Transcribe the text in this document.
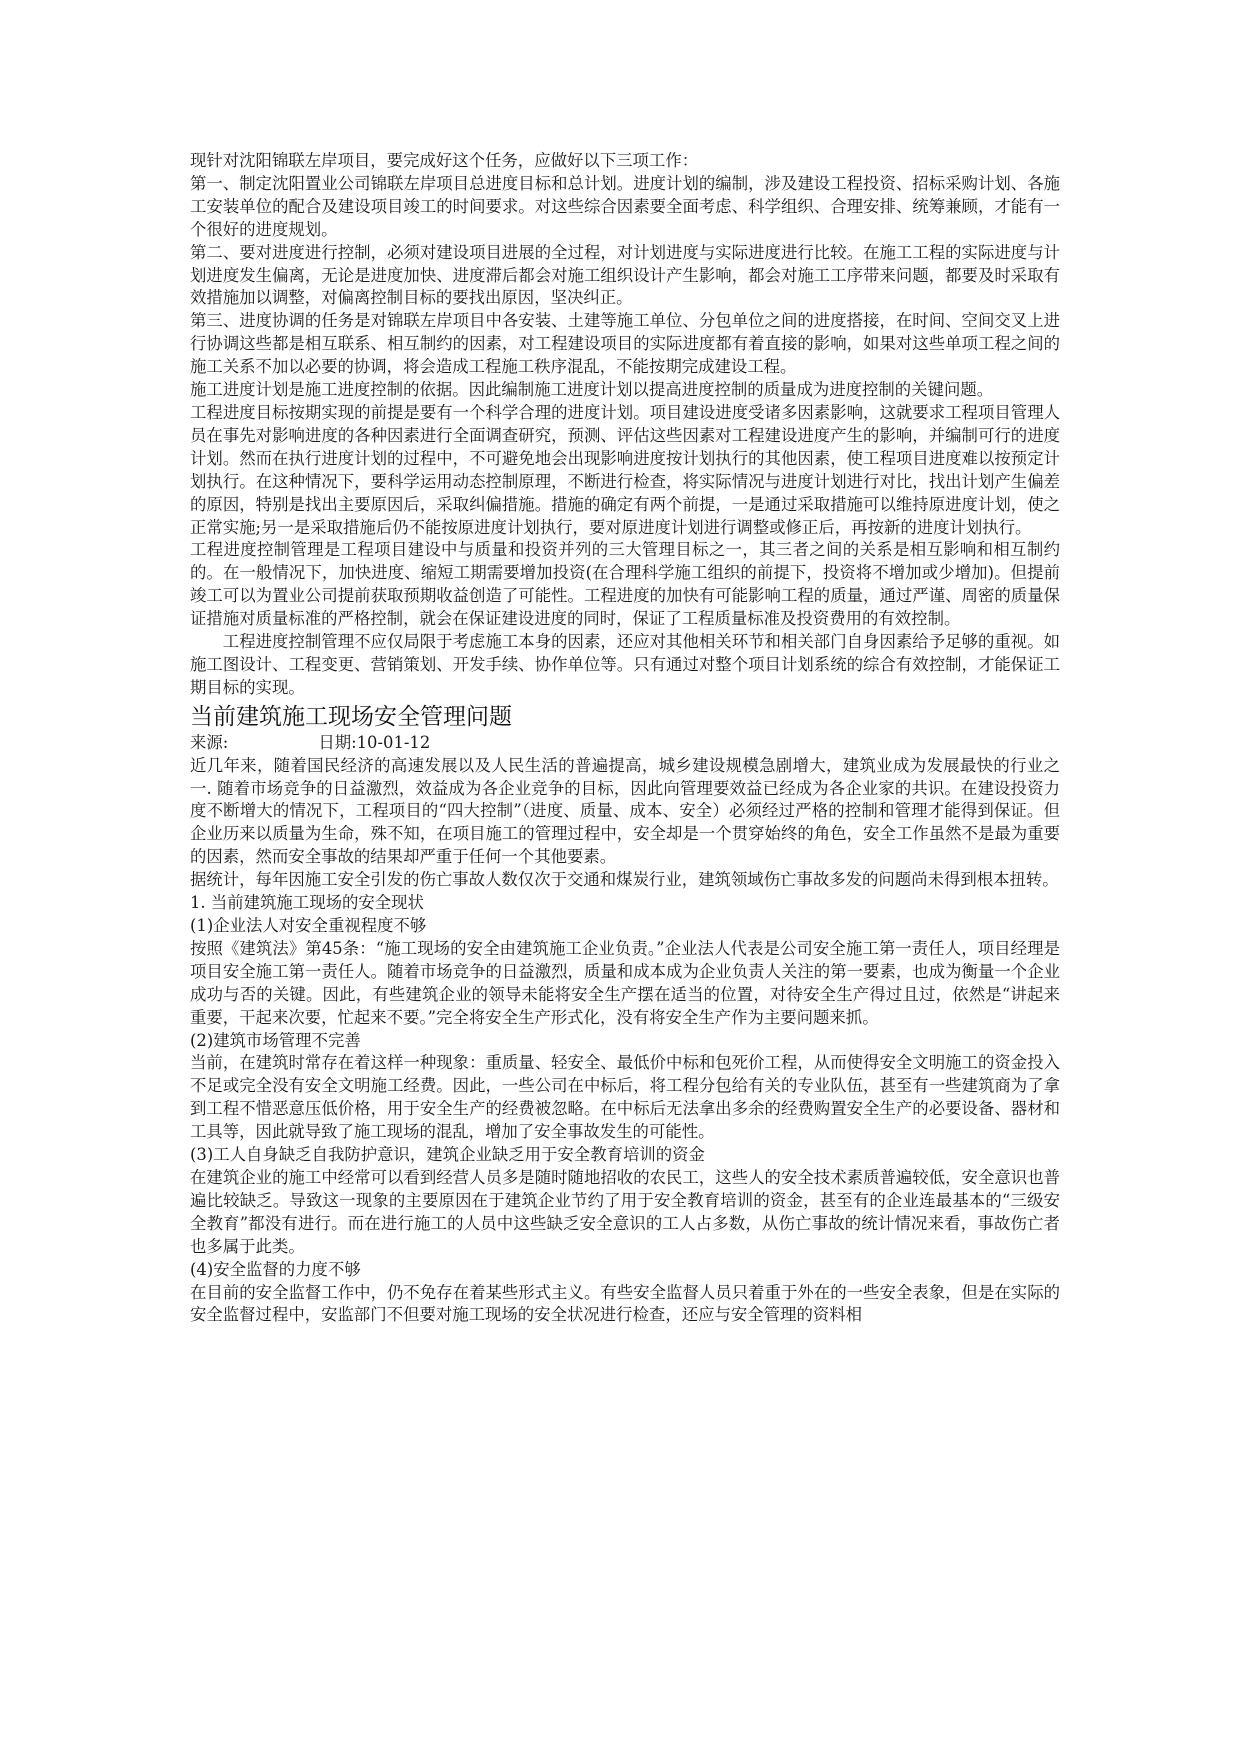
现针对沈阳锦联左岸项目，要完成好这个任务，应做好以下三项工作：

第一、制定沈阳置业公司锦联左岸项目总进度目标和总计划。进度计划的编制，涉及建设工程投资、招标采购计划、各施工安装单位的配合及建设项目竣工的时间要求。对这些综合因素要全面考虑、科学组织、合理安排、统筹兼顾，才能有一个很好的进度规划。

第二、要对进度进行控制，必须对建设项目进展的全过程，对计划进度与实际进度进行比较。在施工工程的实际进度与计划进度发生偏离，无论是进度加快、进度滞后都会对施工组织设计产生影响，都会对施工工序带来问题，都要及时采取有效措施加以调整，对偏离控制目标的要找出原因，坚决纠正。

第三、进度协调的任务是对锦联左岸项目中各安装、土建等施工单位、分包单位之间的进度搭接，在时间、空间交叉上进行协调这些都是相互联系、相互制约的因素，对工程建设项目的实际进度都有着直接的影响，如果对这些单项工程之间的施工关系不加以必要的协调，将会造成工程施工秩序混乱，不能按期完成建设工程。

施工进度计划是施工进度控制的依据。因此编制施工进度计划以提高进度控制的质量成为进度控制的关键问题。

工程进度目标按期实现的前提是要有一个科学合理的进度计划。项目建设进度受诸多因素影响，这就要求工程项目管理人员在事先对影响进度的各种因素进行全面调查研究，预测、评估这些因素对工程建设进度产生的影响，并编制可行的进度计划。然而在执行进度计划的过程中，不可避免地会出现影响进度按计划执行的其他因素，使工程项目进度难以按预定计划执行。在这种情况下，要科学运用动态控制原理，不断进行检查，将实际情况与进度计划进行对比，找出计划产生偏差的原因，特别是找出主要原因后，采取纠偏措施。措施的确定有两个前提，一是通过采取措施可以维持原进度计划，使之正常实施;另一是采取措施后仍不能按原进度计划执行，要对原进度计划进行调整或修正后，再按新的进度计划执行。

工程进度控制管理是工程项目建设中与质量和投资并列的三大管理目标之一，其三者之间的关系是相互影响和相互制约的。在一般情况下，加快进度、缩短工期需要增加投资(在合理科学施工组织的前提下，投资将不增加或少增加)。但提前竣工可以为置业公司提前获取预期收益创造了可能性。工程进度的加快有可能影响工程的质量，通过严谨、周密的质量保证措施对质量标准的严格控制，就会在保证建设进度的同时，保证了工程质量标准及投资费用的有效控制。

工程进度控制管理不应仅局限于考虑施工本身的因素，还应对其他相关环节和相关部门自身因素给予足够的重视。如施工图设计、工程变更、营销策划、开发手续、协作单位等。只有通过对整个项目计划系统的综合有效控制，才能保证工期目标的实现。

当前建筑施工现场安全管理问题
来源:	日期: 10-01-12

近几年来，随着国民经济的高速发展以及人民生活的普遍提高，城乡建设规模急剧增大，建筑业成为发展最快的行业之一. 随着市场竞争的日益激烈，效益成为各企业竞争的目标，因此向管理要效益已经成为各企业家的共识。在建设投资力度不断增大的情况下，工程项目的“四大控制”（进度、质量、成本、安全）必须经过严格的控制和管理才能得到保证。但企业历来以质量为生命，殊不知，在项目施工的管理过程中，安全却是一个贯穿始终的角色，安全工作虽然不是最为重要的因素，然而安全事故的结果却严重于任何一个其他要素。

据统计，每年因施工安全引发的伤亡事故人数仅次于交通和煤炭行业，建筑领域伤亡事故多发的问题尚未得到根本扭转。

1. 当前建筑施工现场的安全现状

(1)企业法人对安全重视程度不够

按照《建筑法》第45条：“施工现场的安全由建筑施工企业负责。”企业法人代表是公司安全施工第一责任人，项目经理是项目安全施工第一责任人。随着市场竞争的日益激烈，质量和成本成为企业负责人关注的第一要素，也成为衡量一个企业成功与否的关键。因此，有些建筑企业的领导未能将安全生产摆在适当的位置，对待安全生产得过且过，依然是“讲起来重要，干起来次要，忙起来不要。”完全将安全生产形式化，没有将安全生产作为主要问题来抓。

(2)建筑市场管理不完善

当前，在建筑时常存在着这样一种现象：重质量、轻安全、最低价中标和包死价工程，从而使得安全文明施工的资金投入不足或完全没有安全文明施工经费。因此，一些公司在中标后，将工程分包给有关的专业队伍，甚至有一些建筑商为了拿到工程不惜恶意压低价格，用于安全生产的经费被忽略。在中标后无法拿出多余的经费购置安全生产的必要设备、器材和工具等，因此就导致了施工现场的混乱，增加了安全事故发生的可能性。

(3)工人自身缺乏自我防护意识，建筑企业缺乏用于安全教育培训的资金

在建筑企业的施工中经常可以看到经营人员多是随时随地招收的农民工，这些人的安全技术素质普遍较低，安全意识也普遍比较缺乏。导致这一现象的主要原因在于建筑企业节约了用于安全教育培训的资金，甚至有的企业连最基本的“三级安全教育”都没有进行。而在进行施工的人员中这些缺乏安全意识的工人占多数，从伤亡事故的统计情况来看，事故伤亡者也多属于此类。

(4)安全监督的力度不够

在目前的安全监督工作中，仍不免存在着某些形式主义。有些安全监督人员只着重于外在的一些安全表象，但是在实际的安全监督过程中，安监部门不但要对施工现场的安全状况进行检查，还应与安全管理的资料相
